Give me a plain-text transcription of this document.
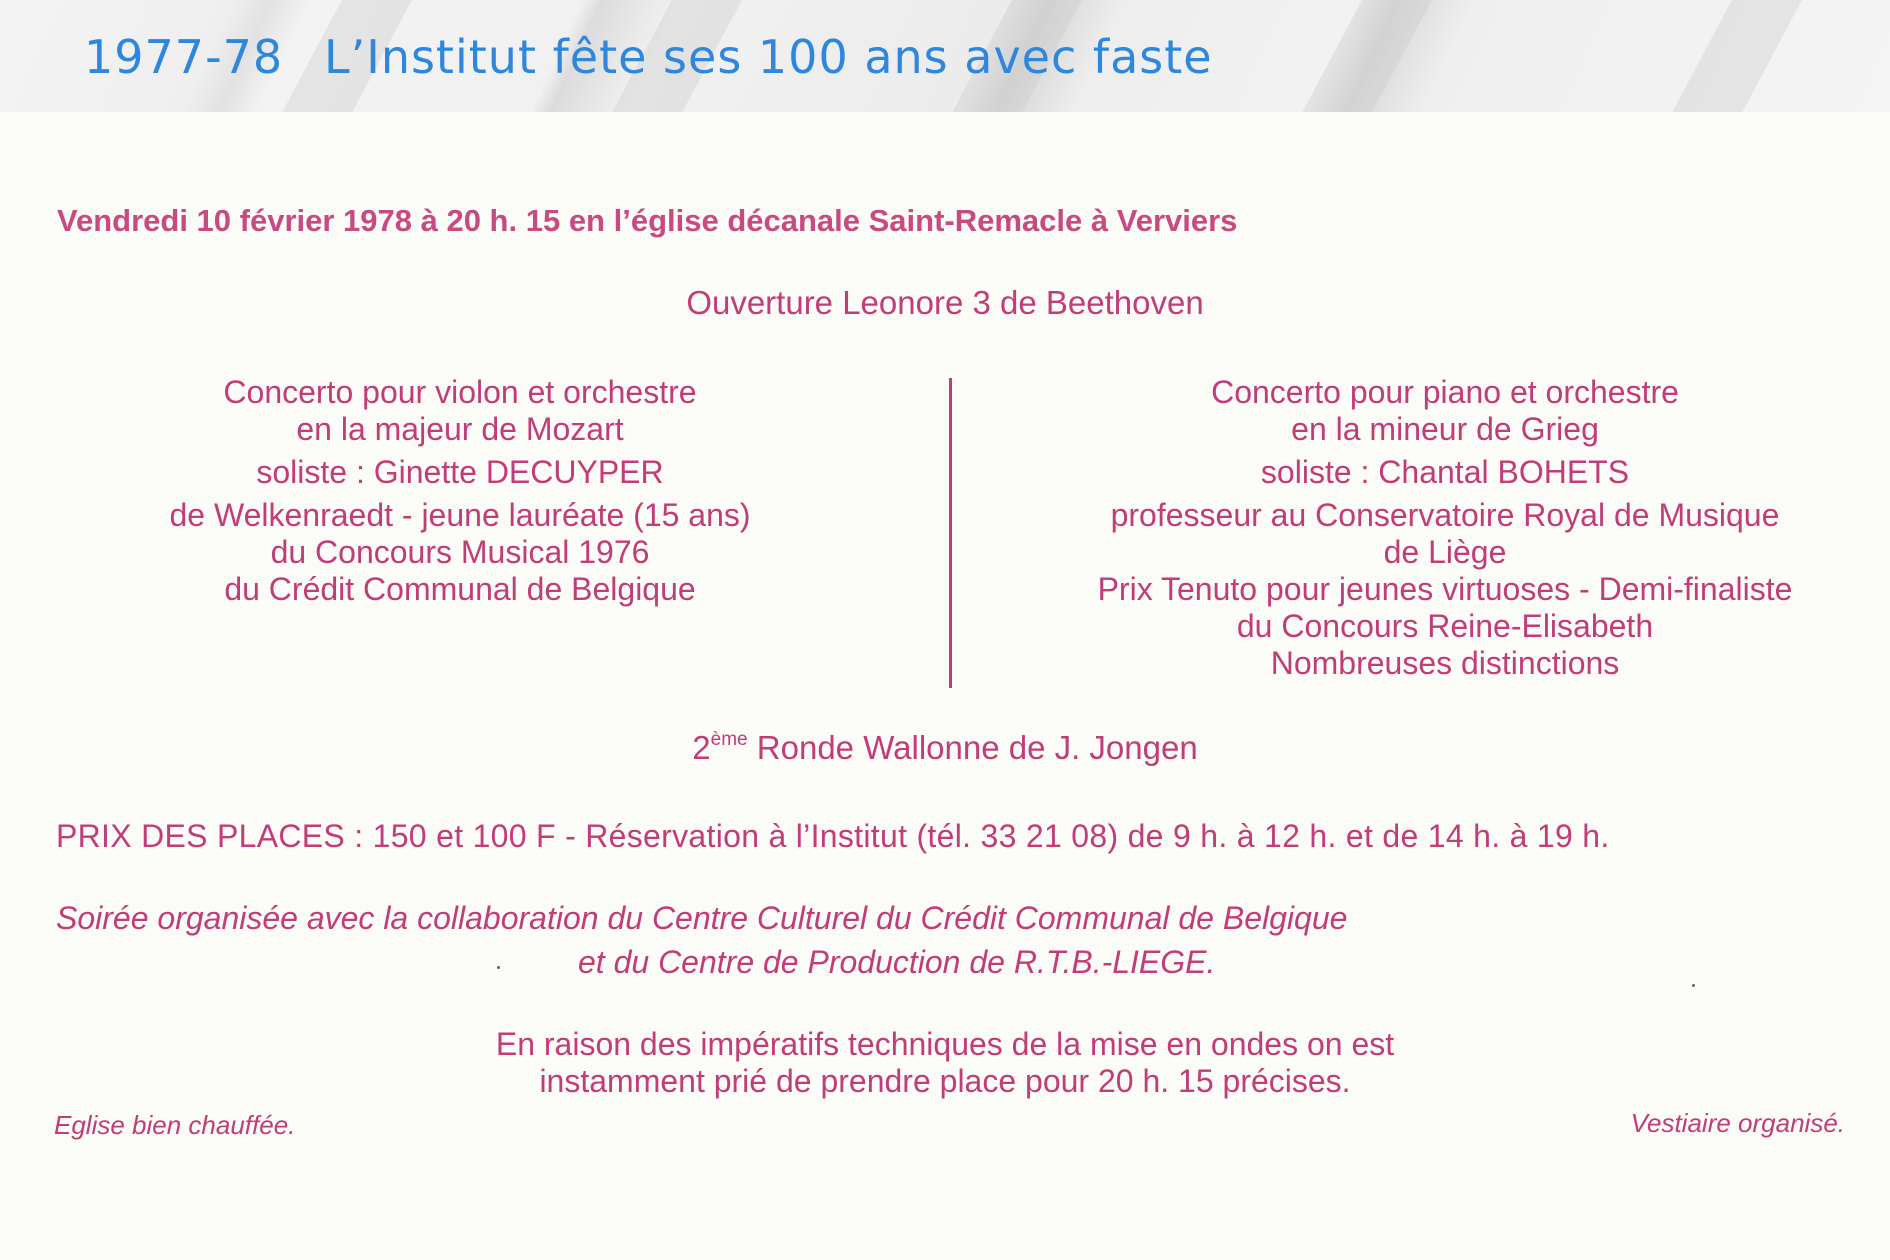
1977-78 L’Institut fête ses 100 ans avec faste
Vendredi 10 février 1978 à 20 h. 15 en l’église décanale Saint-Remacle à Verviers
Ouverture Leonore 3 de Beethoven
Concerto pour violon et orchestre
en la majeur de Mozart
soliste : Ginette DECUYPER
de Welkenraedt - jeune lauréate (15 ans)
du Concours Musical 1976
du Crédit Communal de Belgique
Concerto pour piano et orchestre
en la mineur de Grieg
soliste : Chantal BOHETS
professeur au Conservatoire Royal de Musique
de Liège
Prix Tenuto pour jeunes virtuoses - Demi-finaliste
du Concours Reine-Elisabeth
Nombreuses distinctions
2ème Ronde Wallonne de J. Jongen
PRIX DES PLACES : 150 et 100 F - Réservation à l’Institut (tél. 33 21 08) de 9 h. à 12 h. et de 14 h. à 19 h.
Soirée organisée avec la collaboration du Centre Culturel du Crédit Communal de Belgique
et du Centre de Production de R.T.B.-LIEGE.
En raison des impératifs techniques de la mise en ondes on est
instamment prié de prendre place pour 20 h. 15 précises.
Eglise bien chauffée.	Vestiaire organisé.
